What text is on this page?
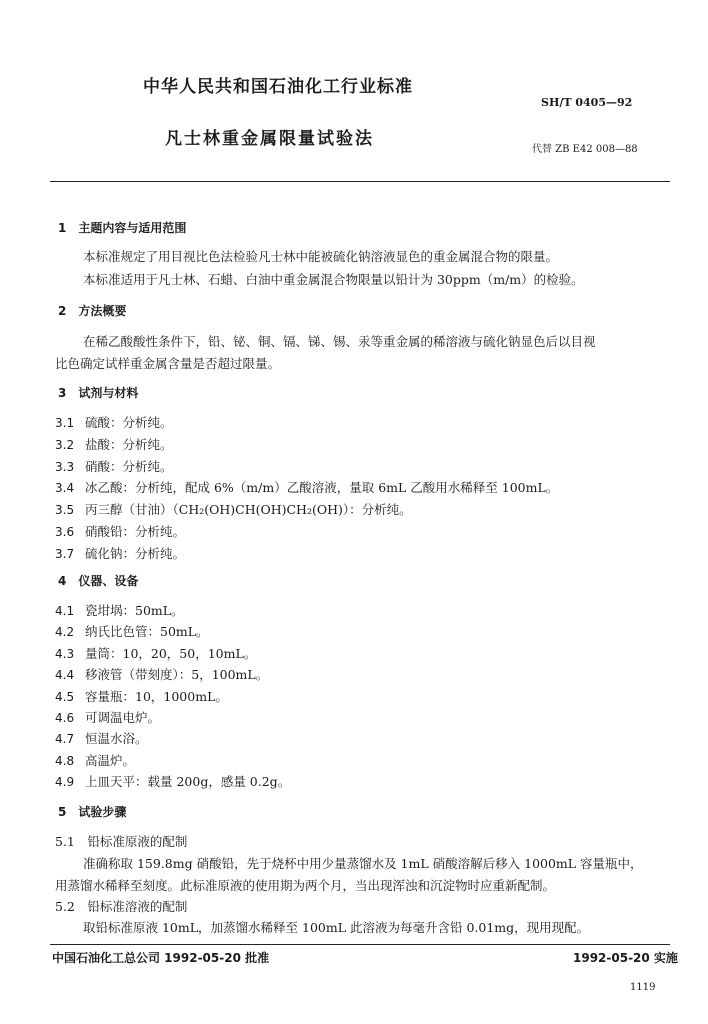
中华人民共和国石油化工行业标准
SH/T 0405—92
凡士林重金属限量试验法
代替 ZB E42 008—88
1　主题内容与适用范围
本标准规定了用目视比色法检验凡士林中能被硫化钠溶液显色的重金属混合物的限量。
本标准适用于凡士林、石蜡、白油中重金属混合物限量以铅计为 30ppm（m/m）的检验。
2　方法概要
在稀乙酸酸性条件下，铅、铋、铜、镉、锑、锡、汞等重金属的稀溶液与硫化钠显色后以目视
比色确定试样重金属含量是否超过限量。
3　试剂与材料
3.1 硫酸：分析纯。
3.2 盐酸：分析纯。
3.3 硝酸：分析纯。
3.4 冰乙酸：分析纯，配成 6%（m/m）乙酸溶液，量取 6mL 乙酸用水稀释至 100mL。
3.5 丙三醇（甘油）（CH₂(OH)CH(OH)CH₂(OH)）：分析纯。
3.6 硝酸铅：分析纯。
3.7 硫化钠：分析纯。
4　仪器、设备
4.1 瓷坩埚：50mL。
4.2 纳氏比色管：50mL。
4.3 量筒：10，20，50，10mL。
4.4 移液管（带刻度）：5，100mL。
4.5 容量瓶：10，1000mL。
4.6 可调温电炉。
4.7 恒温水浴。
4.8 高温炉。
4.9 上皿天平：载量 200g，感量 0.2g。
5　试验步骤
5.1　铅标准原液的配制
准确称取 159.8mg 硝酸铅，先于烧杯中用少量蒸馏水及 1mL 硝酸溶解后移入 1000mL 容量瓶中，
用蒸馏水稀释至刻度。此标准原液的使用期为两个月，当出现浑浊和沉淀物时应重新配制。
5.2　铅标准溶液的配制
取铅标准原液 10mL，加蒸馏水稀释至 100mL 此溶液为每毫升含铅 0.01mg，现用现配。
中国石油化工总公司 1992-05-20 批准	1992-05-20 实施
1119
